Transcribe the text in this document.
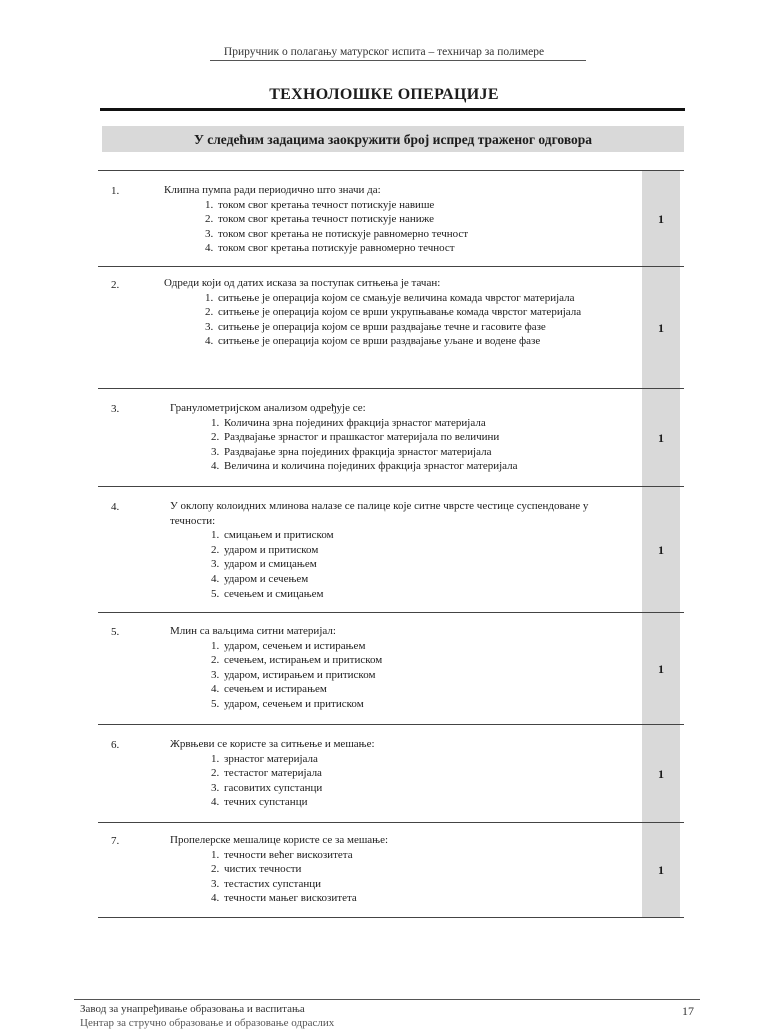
Приручник о полагању матурског испита – техничар за полимере
ТЕХНОЛОШКЕ ОПЕРАЦИЈЕ
У следећим задацима заокружити број испред траженог одговора
1.	Клипна пумпа ради периодично што значи да:
1. током свог кретања течност потискује навише
2. током свог кретања течност потискује наниже
3. током свог кретања не потискује равномерно течност
4. током свог кретања потискује равномерно течност
1
2.	Одреди који од датих исказа за поступак ситњења је тачан:
1. ситњење је операција којом се смањује величина комада чврстог материјала
2. ситњење је операција којом се врши укрупњавање комада чврстог материјала
3. ситњење је операција којом се врши раздвајање течне и гасовите фазе
4. ситњење је операција којом се врши раздвајање уљане и водене фазе
1
3.	Гранулометријском анализом одређује се:
1. Количина зрна појединих фракција зрнастог материјала
2. Раздвајање зрнастог и прашкастог материјала по величини
3. Раздвајање зрна појединих фракција зрнастог материјала
4. Величина и количина појединих фракција зрнастог материјала
1
4.	У оклопу колоидних млинова налазе се палице које ситне чврсте честице суспендоване у течности:
1. смицањем и притиском
2. ударом и притиском
3. ударом и смицањем
4. ударом и сечењем
5. сечењем и смицањем
1
5.	Млин са ваљцима ситни материјал:
1. ударом, сечењем и истирањем
2. сечењем, истирањем и притиском
3. ударом, истирањем и притиском
4. сечењем и истирањем
5. ударом, сечењем и притиском
1
6.	Жрвњеви се користе за ситњење и мешање:
1. зрнастог материјала
2. тестастог материјала
3. гасовитих супстанци
4. течних супстанци
1
7.	Пропелерске мешалице користе се за мешање:
1. течности већег вискозитета
2. чистих течности
3. тестастих супстанци
4. течности мањег вискозитета
1
Завод за унапређивање образовања и васпитања
Центар за стручно образовање и образовање одраслих
17
